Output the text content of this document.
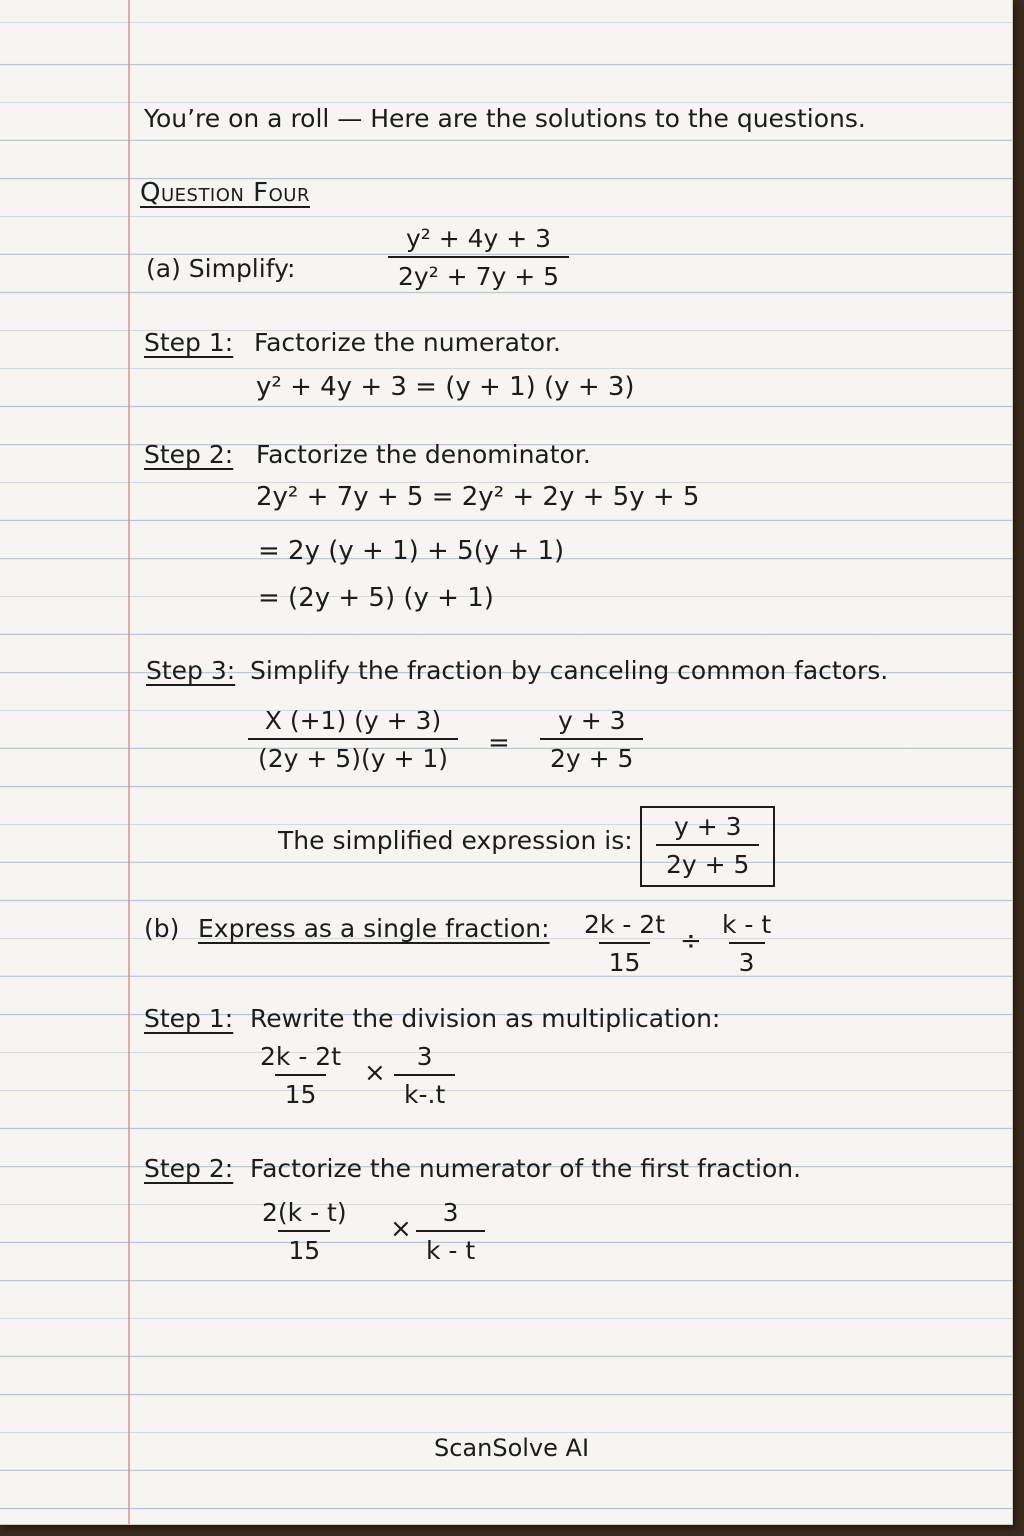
You’re on a roll — Here are the solutions to the questions.
Question Four
(a) Simplify:	$\frac{\text{y² + 4y + 3}}{\text{2y² + 7y + 5}}$
Step 1: Factorize the numerator.
y² + 4y + 3 = (y + 1) (y + 3)
Step 2: Factorize the denominator.
2y² + 7y + 5 = 2y² + 2y + 5y + 5
= 2y (y + 1) + 5(y + 1)
= (2y + 5) (y + 1)
Step 3: Simplify the fraction by canceling common factors.
$\frac{X (+1) (y + 3)}{(2y + 5)(y + 1)} = \frac{y + 3}{2y + 5}$
The simplified expression is: $\frac{y + 3}{2y + 5}$
(b) Express as a single fraction: $\frac{2k - 2t}{15} \div \frac{k - t}{3}$
Step 1: Rewrite the division as multiplication:
$\frac{2k - 2t}{15} \times \frac{3}{k-.t}$
Step 2: Factorize the numerator of the first fraction.
$\frac{2(k - t)}{15} \times \frac{3}{k - t}$
ScanSolve AI
